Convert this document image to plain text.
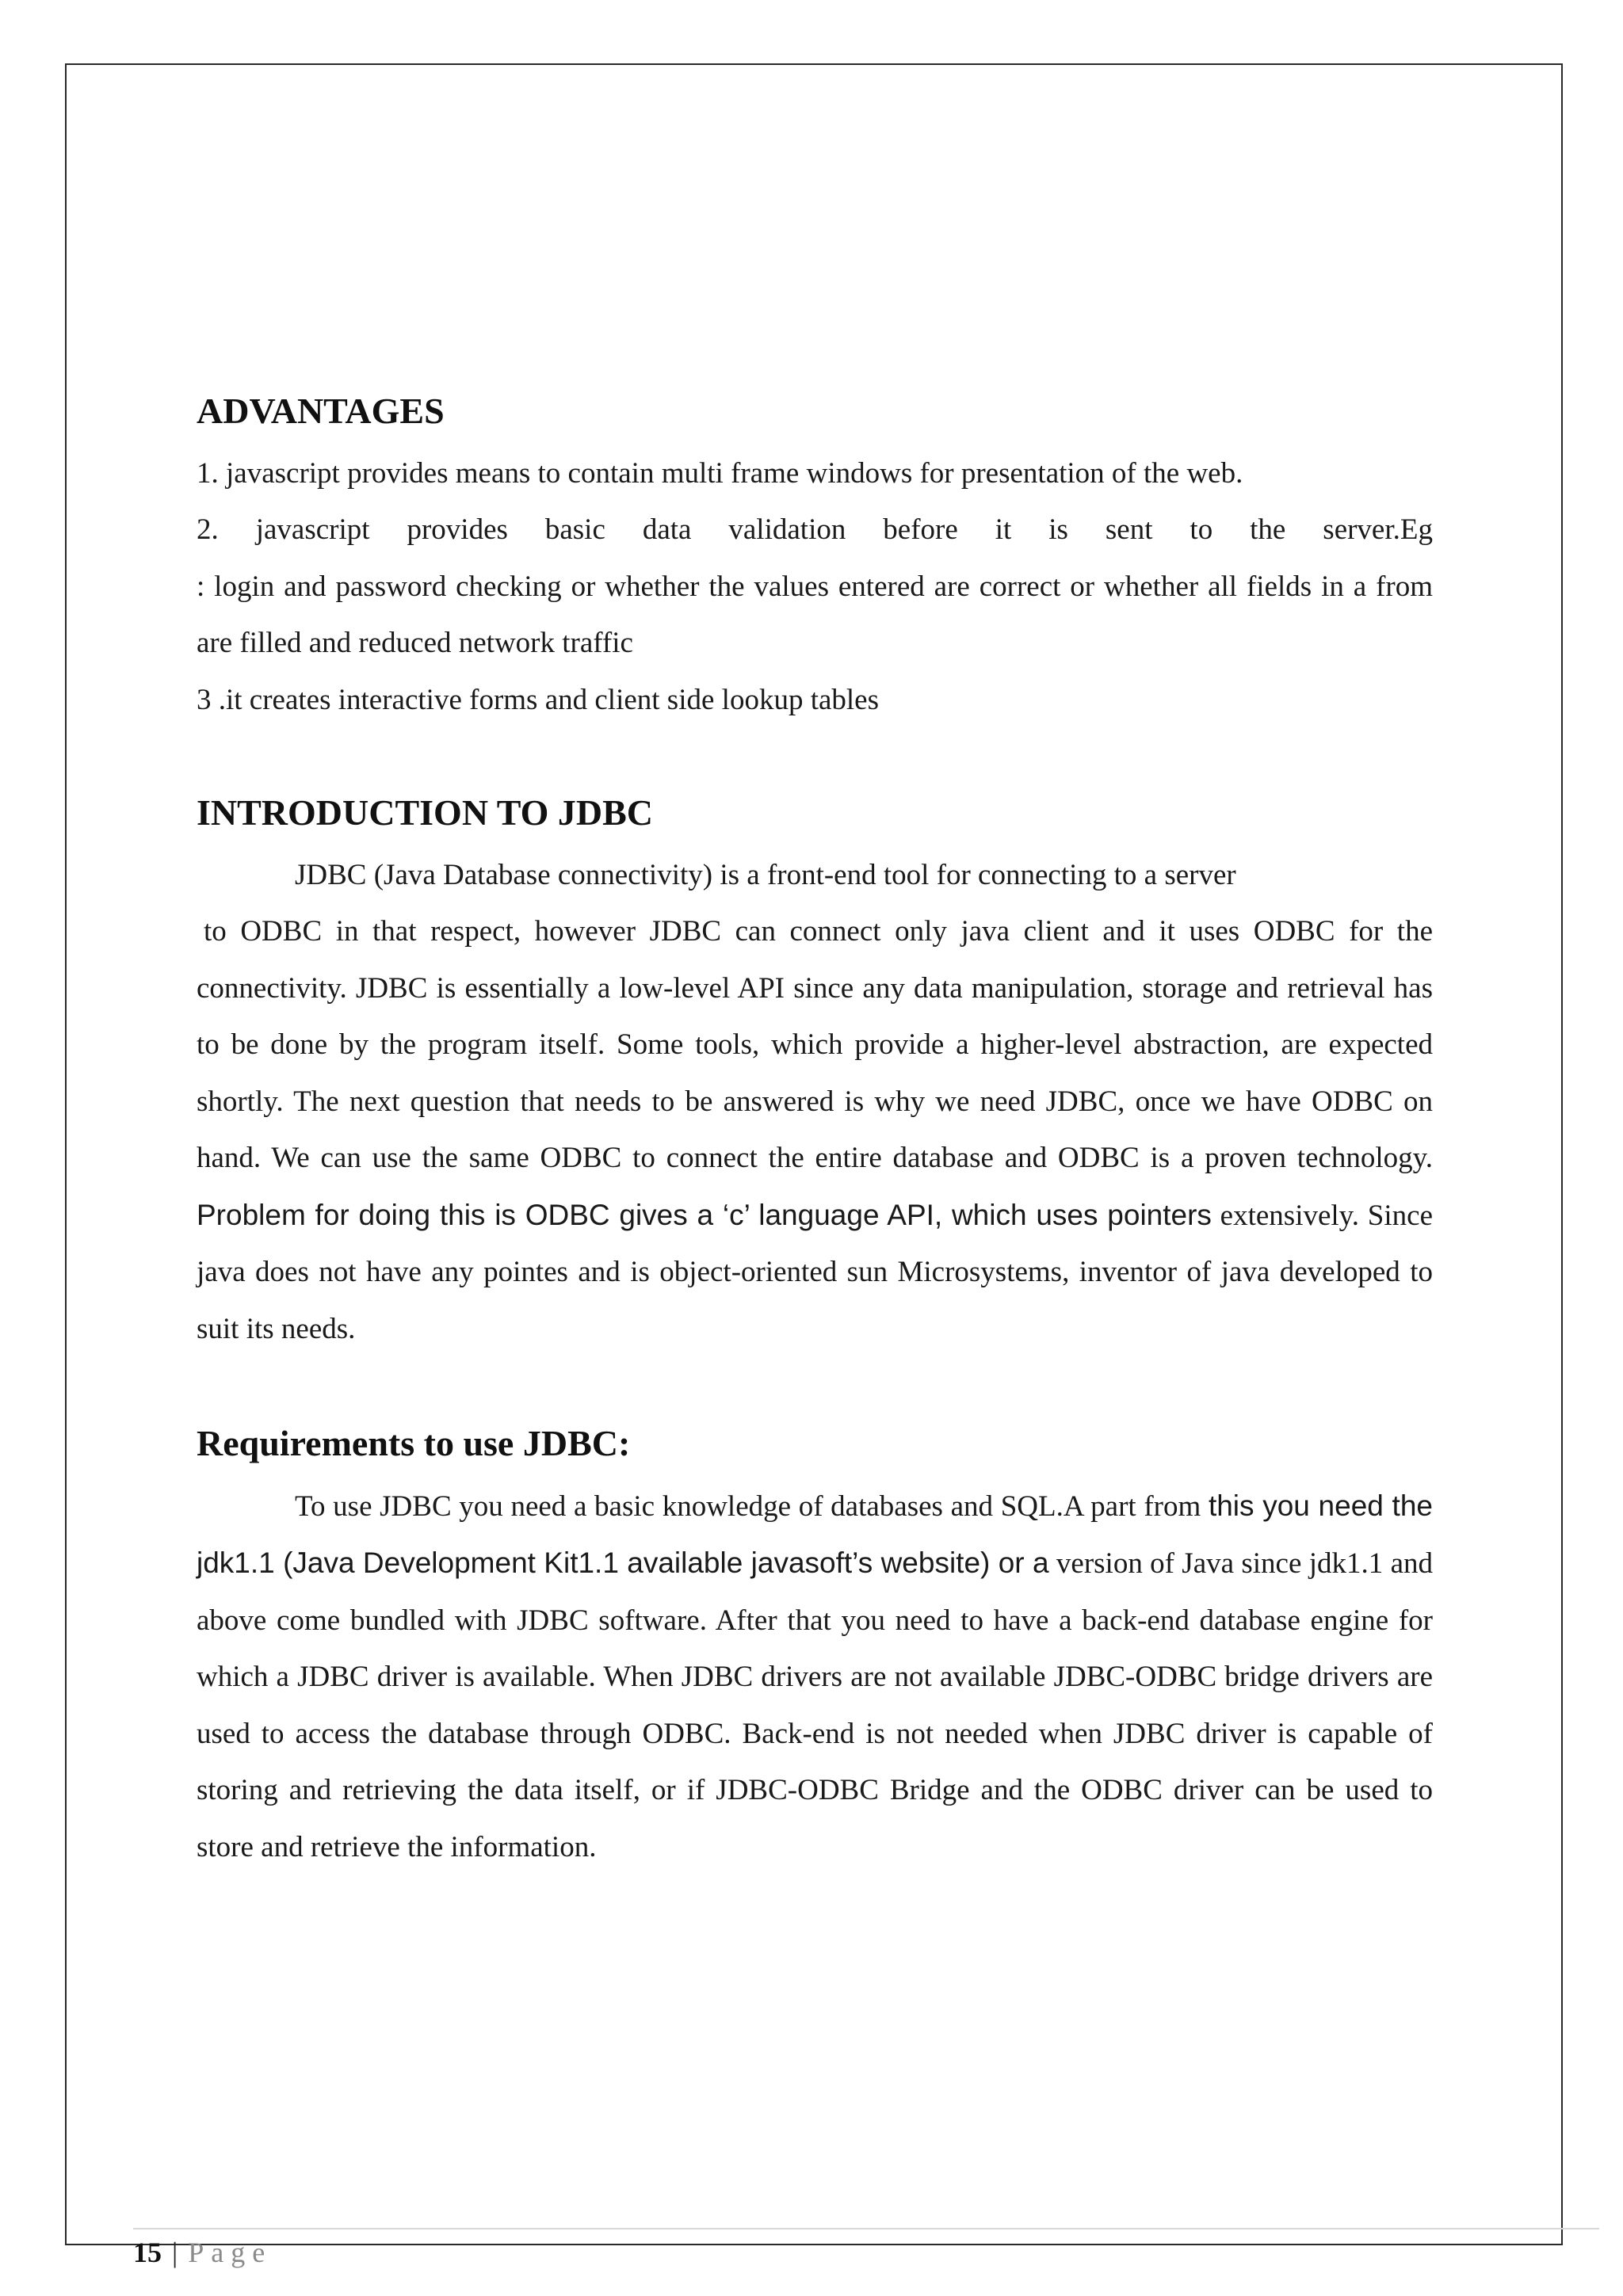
ADVANTAGES

1. javascript provides means to contain multi frame windows for presentation of the web.

2. javascript provides basic data validation before it is sent to the server.Eg

: login and password checking or whether the values entered are correct or whether all fields in a from are filled and reduced network traffic

3 .it creates interactive forms and client side lookup tables

INTRODUCTION TO JDBC

JDBC (Java Database connectivity) is a front-end tool for connecting to a server

to ODBC in that respect, however JDBC can connect only java client and it uses ODBC for the connectivity. JDBC is essentially a low-level API since any data manipulation, storage and retrieval has to be done by the program itself. Some tools, which provide a higher-level abstraction, are expected shortly. The next question that needs to be answered is why we need JDBC, once we have ODBC on hand. We can use the same ODBC to connect the entire database and ODBC is a proven technology. Problem for doing this is ODBC gives a ‘c’ language API, which uses pointers extensively. Since java does not have any pointes and is object-oriented sun Microsystems, inventor of java developed to suit its needs.

Requirements to use JDBC:

To use JDBC you need a basic knowledge of databases and SQL.A part from this you need the jdk1.1 (Java Development Kit1.1 available javasoft’s website) or a version of Java since jdk1.1 and above come bundled with JDBC software. After that you need to have a back-end database engine for which a JDBC driver is available. When JDBC drivers are not available JDBC-ODBC bridge drivers are used to access the database through ODBC. Back-end is not needed when JDBC driver is capable of storing and retrieving the data itself, or if JDBC-ODBC Bridge and the ODBC driver can be used to store and retrieve the information.

15 | Page
